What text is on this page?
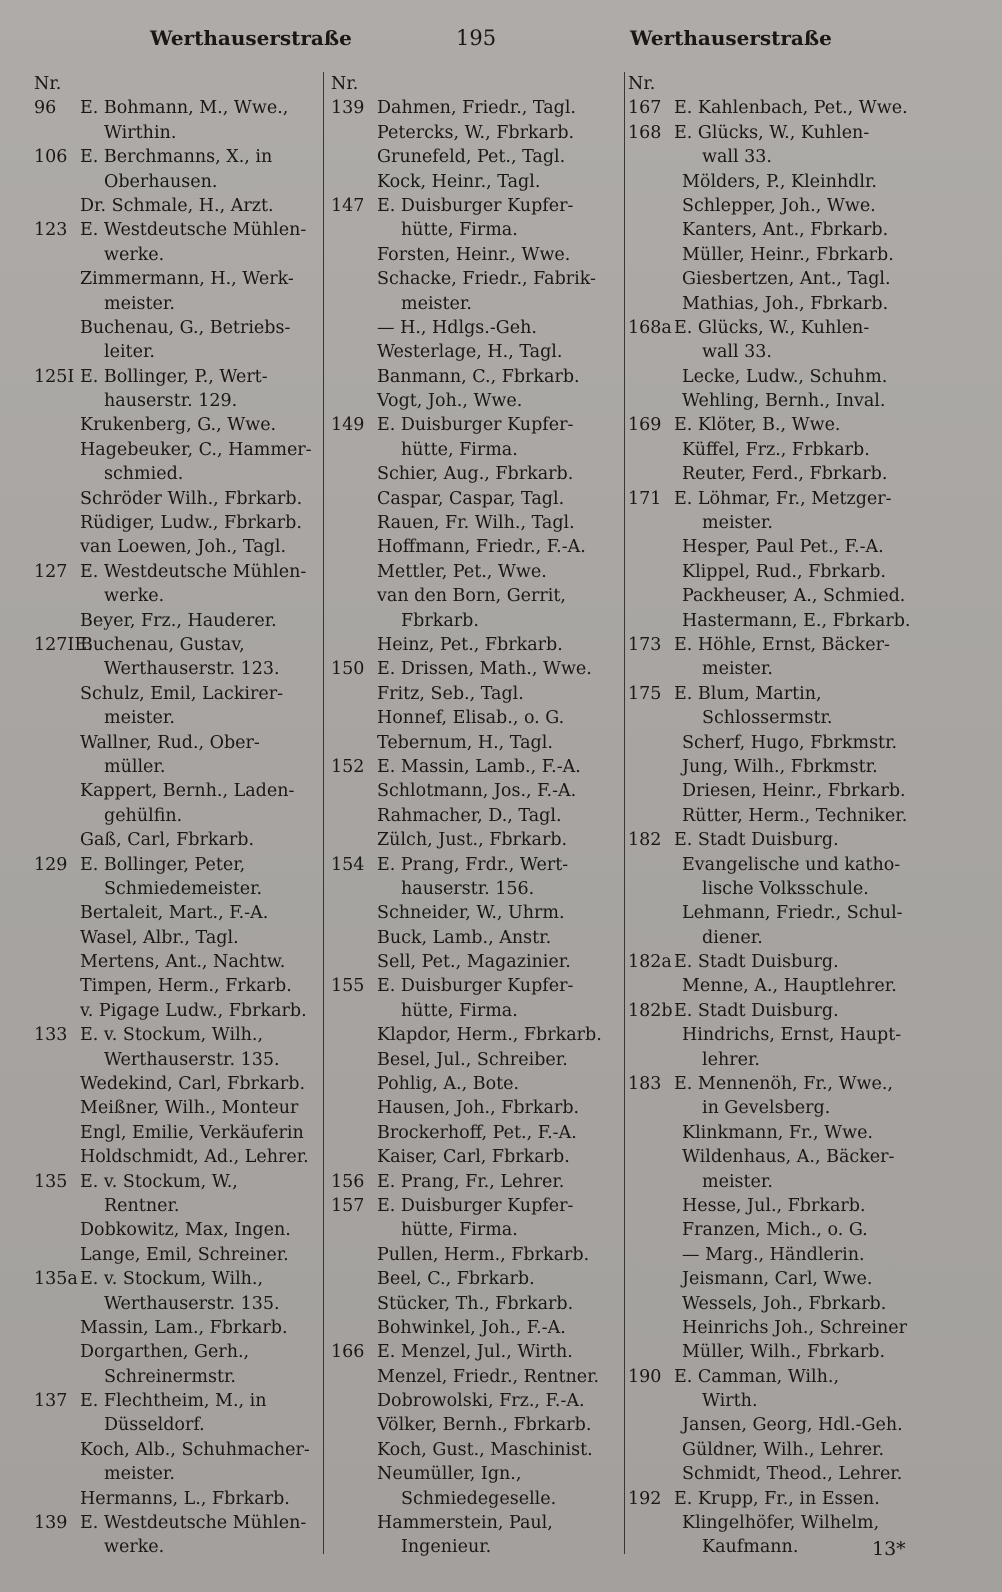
Werthauserstraße	195	Werthauserstraße
Nr.
96 E. Bohmann, M., Wwe.,
Wirthin.
106 E. Berchmanns, X., in
Oberhausen.
Dr. Schmale, H., Arzt.
123 E. Westdeutsche Mühlen-
werke.
Zimmermann, H., Werk-
meister.
Buchenau, G., Betriebs-
leiter.
125I E. Bollinger, P., Wert-
hauserstr. 129.
Krukenberg, G., Wwe.
Hagebeuker, C., Hammer-
schmied.
Schröder Wilh., Fbrkarb.
Rüdiger, Ludw., Fbrkarb.
van Loewen, Joh., Tagl.
127 E. Westdeutsche Mühlen-
werke.
Beyer, Frz., Hauderer.
127IE.
Buchenau, Gustav,
Werthauserstr. 123.
Schulz, Emil, Lackirer-
meister.
Wallner, Rud., Ober-
müller.
Kappert, Bernh., Laden-
gehülfin.
Gaß, Carl, Fbrkarb.
129 E. Bollinger, Peter,
Schmiedemeister.
Bertaleit, Mart., F.-A.
Wasel, Albr., Tagl.
Mertens, Ant., Nachtw.
Timpen, Herm., Frkarb.
v. Pigage Ludw., Fbrkarb.
133 E. v. Stockum, Wilh.,
Werthauserstr. 135.
Wedekind, Carl, Fbrkarb.
Meißner, Wilh., Monteur
Engl, Emilie, Verkäuferin
Holdschmidt, Ad., Lehrer.
135 E. v. Stockum, W.,
Rentner.
Dobkowitz, Max, Ingen.
Lange, Emil, Schreiner.
135a E. v. Stockum, Wilh.,
Werthauserstr. 135.
Massin, Lam., Fbrkarb.
Dorgarthen, Gerh.,
Schreinermstr.
137 E. Flechtheim, M., in
Düsseldorf.
Koch, Alb., Schuhmacher-
meister.
Hermanns, L., Fbrkarb.
139 E. Westdeutsche Mühlen-
werke.
Nr.
139 Dahmen, Friedr., Tagl.
Petercks, W., Fbrkarb.
Grunefeld, Pet., Tagl.
Kock, Heinr., Tagl.
147 E. Duisburger Kupfer-
hütte, Firma.
Forsten, Heinr., Wwe.
Schacke, Friedr., Fabrik-
meister.
— H., Hdlgs.-Geh.
Westerlage, H., Tagl.
Banmann, C., Fbrkarb.
Vogt, Joh., Wwe.
149 E. Duisburger Kupfer-
hütte, Firma.
Schier, Aug., Fbrkarb.
Caspar, Caspar, Tagl.
Rauen, Fr. Wilh., Tagl.
Hoffmann, Friedr., F.-A.
Mettler, Pet., Wwe.
van den Born, Gerrit,
Fbrkarb.
Heinz, Pet., Fbrkarb.
150 E. Drissen, Math., Wwe.
Fritz, Seb., Tagl.
Honnef, Elisab., o. G.
Tebernum, H., Tagl.
152 E. Massin, Lamb., F.-A.
Schlotmann, Jos., F.-A.
Rahmacher, D., Tagl.
Zülch, Just., Fbrkarb.
154 E. Prang, Frdr., Wert-
hauserstr. 156.
Schneider, W., Uhrm.
Buck, Lamb., Anstr.
Sell, Pet., Magazinier.
155 E. Duisburger Kupfer-
hütte, Firma.
Klapdor, Herm., Fbrkarb.
Besel, Jul., Schreiber.
Pohlig, A., Bote.
Hausen, Joh., Fbrkarb.
Brockerhoff, Pet., F.-A.
Kaiser, Carl, Fbrkarb.
156 E. Prang, Fr., Lehrer.
157 E. Duisburger Kupfer-
hütte, Firma.
Pullen, Herm., Fbrkarb.
Beel, C., Fbrkarb.
Stücker, Th., Fbrkarb.
Bohwinkel, Joh., F.-A.
166 E. Menzel, Jul., Wirth.
Menzel, Friedr., Rentner.
Dobrowolski, Frz., F.-A.
Völker, Bernh., Fbrkarb.
Koch, Gust., Maschinist.
Neumüller, Ign.,
Schmiedegeselle.
Hammerstein, Paul,
Ingenieur.
Nr.
167 E. Kahlenbach, Pet., Wwe.
168 E. Glücks, W., Kuhlen-
wall 33.
Mölders, P., Kleinhdlr.
Schlepper, Joh., Wwe.
Kanters, Ant., Fbrkarb.
Müller, Heinr., Fbrkarb.
Giesbertzen, Ant., Tagl.
Mathias, Joh., Fbrkarb.
168a E. Glücks, W., Kuhlen-
wall 33.
Lecke, Ludw., Schuhm.
Wehling, Bernh., Inval.
169 E. Klöter, B., Wwe.
Küffel, Frz., Frbkarb.
Reuter, Ferd., Fbrkarb.
171 E. Löhmar, Fr., Metzger-
meister.
Hesper, Paul Pet., F.-A.
Klippel, Rud., Fbrkarb.
Packheuser, A., Schmied.
Hastermann, E., Fbrkarb.
173 E. Höhle, Ernst, Bäcker-
meister.
175 E. Blum, Martin,
Schlossermstr.
Scherf, Hugo, Fbrkmstr.
Jung, Wilh., Fbrkmstr.
Driesen, Heinr., Fbrkarb.
Rütter, Herm., Techniker.
182 E. Stadt Duisburg.
Evangelische und katho-
lische Volksschule.
Lehmann, Friedr., Schul-
diener.
182a E. Stadt Duisburg.
Menne, A., Hauptlehrer.
182b E. Stadt Duisburg.
Hindrichs, Ernst, Haupt-
lehrer.
183 E. Mennenöh, Fr., Wwe.,
in Gevelsberg.
Klinkmann, Fr., Wwe.
Wildenhaus, A., Bäcker-
meister.
Hesse, Jul., Fbrkarb.
Franzen, Mich., o. G.
— Marg., Händlerin.
Jeismann, Carl, Wwe.
Wessels, Joh., Fbrkarb.
Heinrichs Joh., Schreiner
Müller, Wilh., Fbrkarb.
190 E. Camman, Wilh.,
Wirth.
Jansen, Georg, Hdl.-Geh.
Güldner, Wilh., Lehrer.
Schmidt, Theod., Lehrer.
192 E. Krupp, Fr., in Essen.
Klingelhöfer, Wilhelm,
Kaufmann.	13*
